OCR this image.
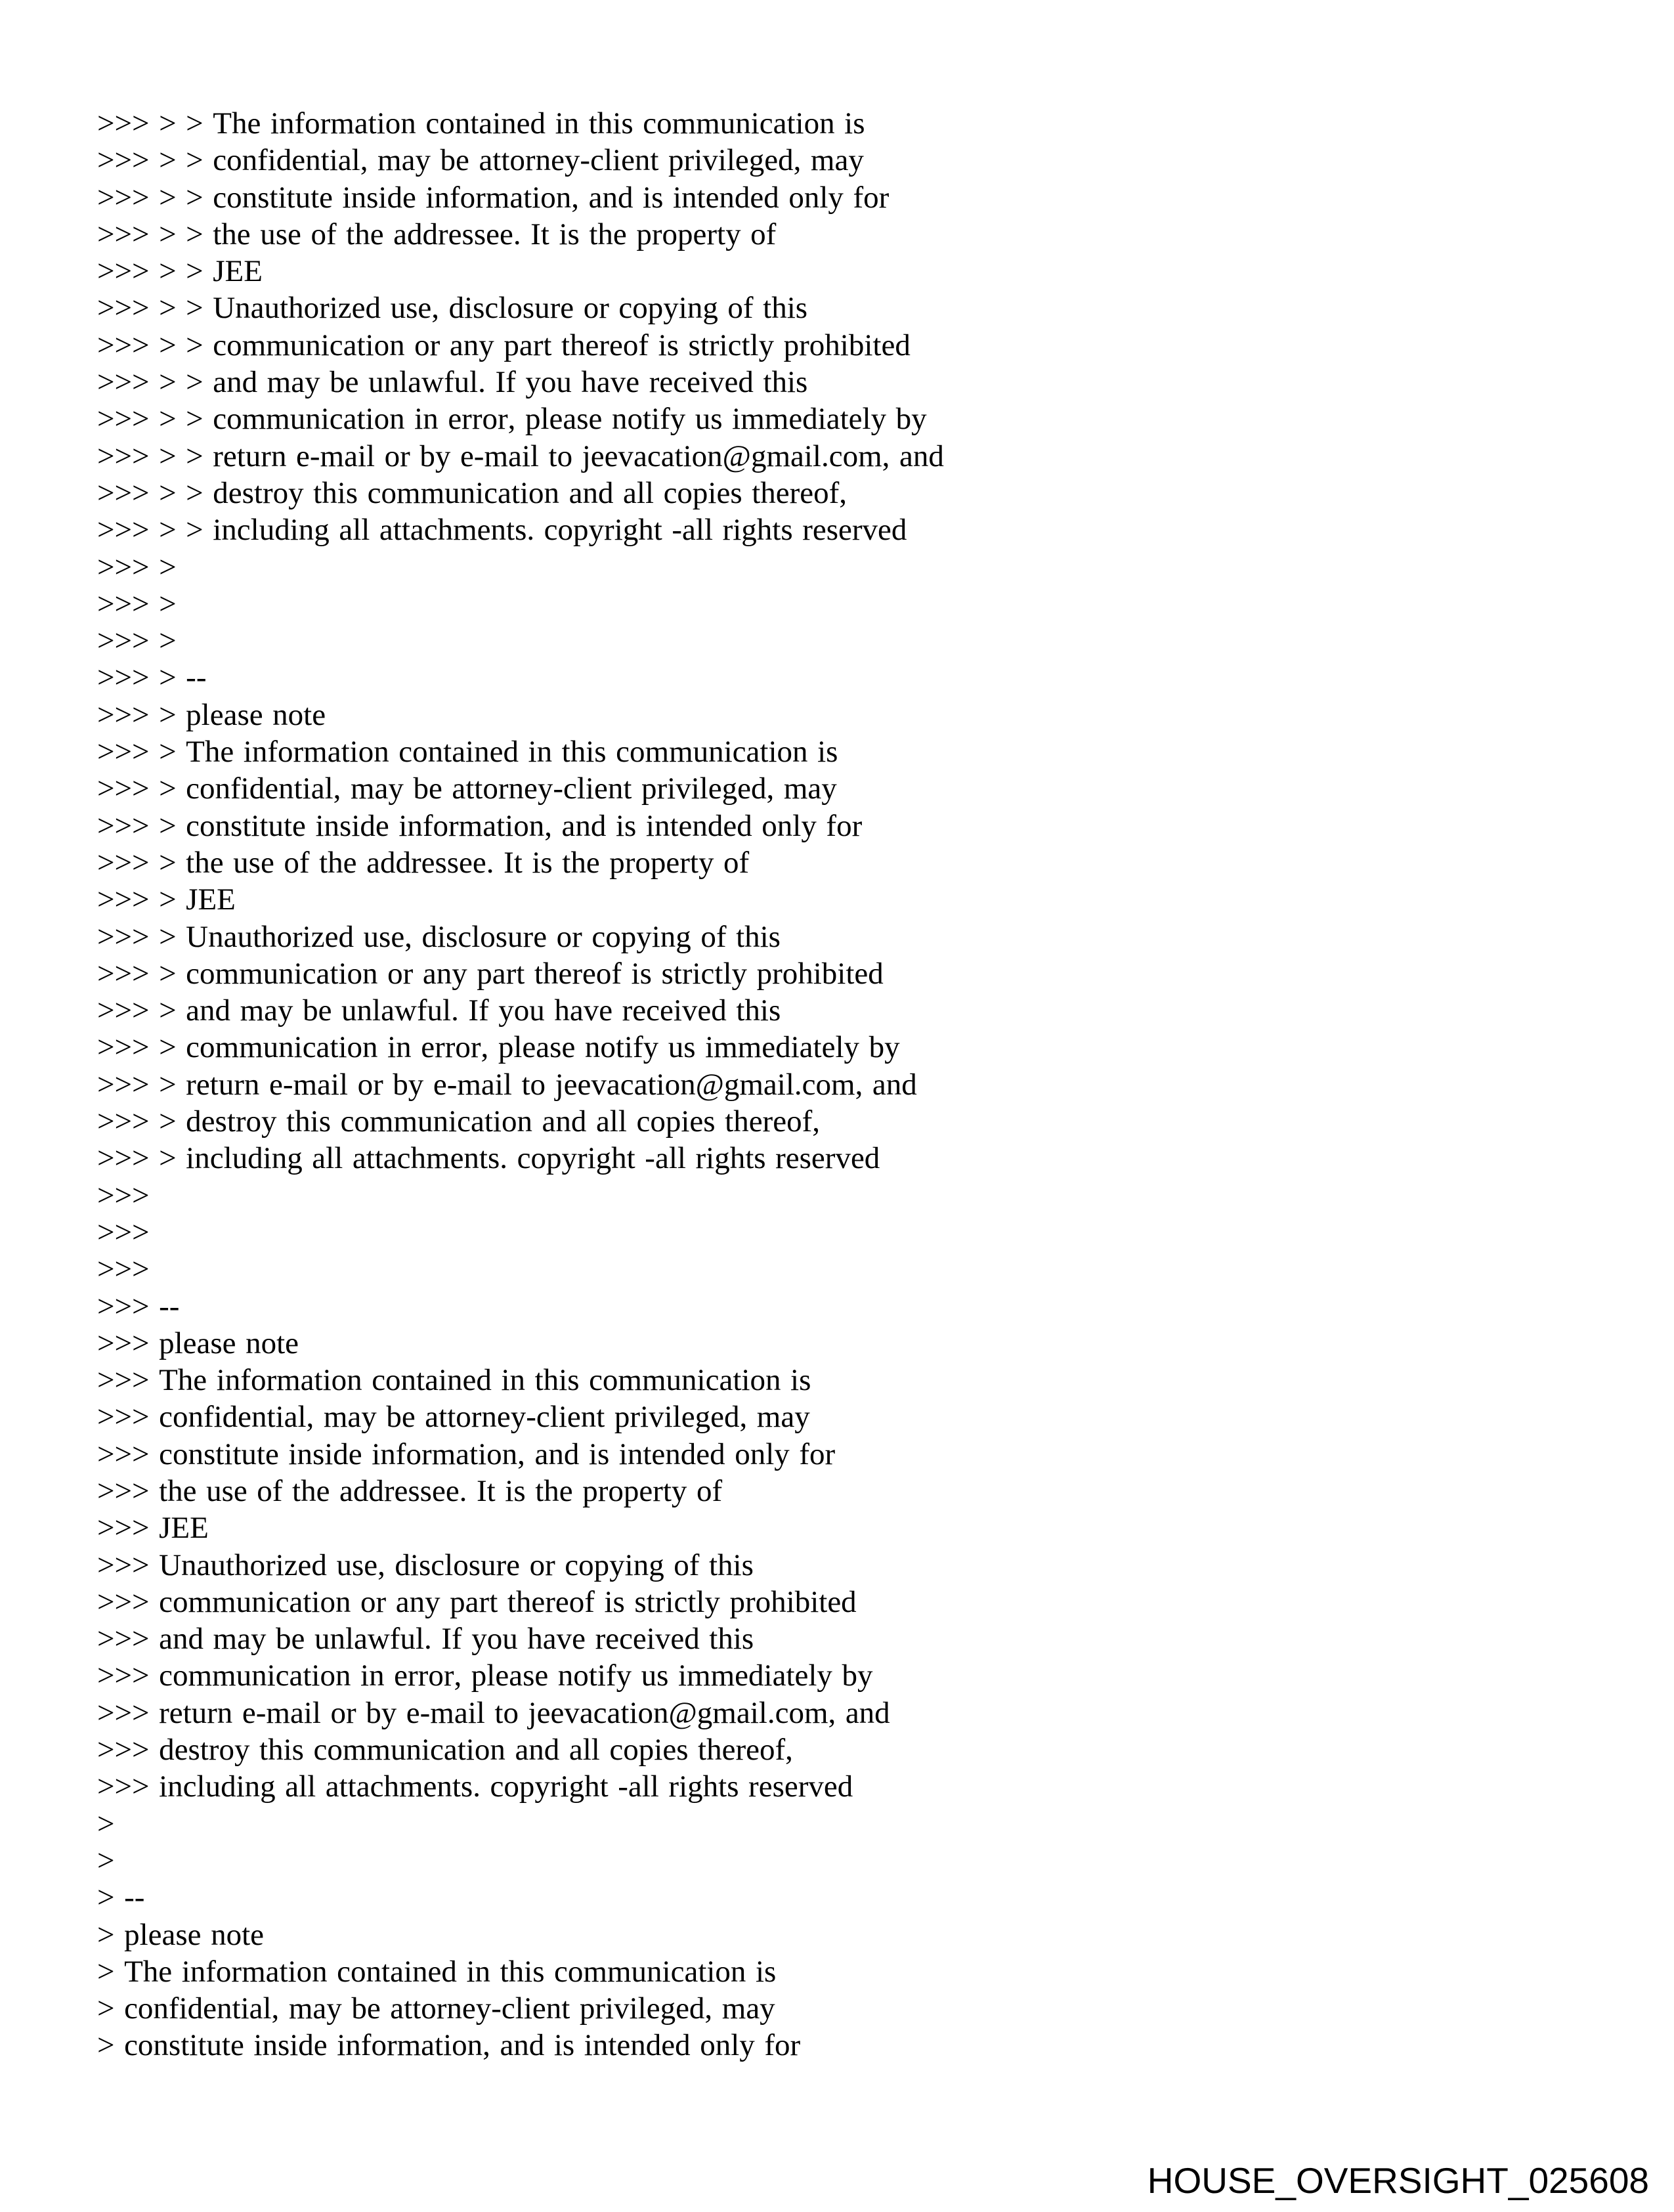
>>> > > The information contained in this communication is
>>> > > confidential, may be attorney-client privileged, may
>>> > > constitute inside information, and is intended only for
>>> > > the use of the addressee. It is the property of
>>> > > JEE
>>> > > Unauthorized use, disclosure or copying of this
>>> > > communication or any part thereof is strictly prohibited
>>> > > and may be unlawful. If you have received this
>>> > > communication in error, please notify us immediately by
>>> > > return e-mail or by e-mail to jeevacation@gmail.com, and
>>> > > destroy this communication and all copies thereof,
>>> > > including all attachments. copyright -all rights reserved
>>> >
>>> >
>>> >
>>> > --
>>> > please note
>>> > The information contained in this communication is
>>> > confidential, may be attorney-client privileged, may
>>> > constitute inside information, and is intended only for
>>> > the use of the addressee. It is the property of
>>> > JEE
>>> > Unauthorized use, disclosure or copying of this
>>> > communication or any part thereof is strictly prohibited
>>> > and may be unlawful. If you have received this
>>> > communication in error, please notify us immediately by
>>> > return e-mail or by e-mail to jeevacation@gmail.com, and
>>> > destroy this communication and all copies thereof,
>>> > including all attachments. copyright -all rights reserved
>>>
>>>
>>>
>>> --
>>> please note
>>> The information contained in this communication is
>>> confidential, may be attorney-client privileged, may
>>> constitute inside information, and is intended only for
>>> the use of the addressee. It is the property of
>>> JEE
>>> Unauthorized use, disclosure or copying of this
>>> communication or any part thereof is strictly prohibited
>>> and may be unlawful. If you have received this
>>> communication in error, please notify us immediately by
>>> return e-mail or by e-mail to jeevacation@gmail.com, and
>>> destroy this communication and all copies thereof,
>>> including all attachments. copyright -all rights reserved
>
>
> --
> please note
> The information contained in this communication is
> confidential, may be attorney-client privileged, may
> constitute inside information, and is intended only for
HOUSE_OVERSIGHT_025608
